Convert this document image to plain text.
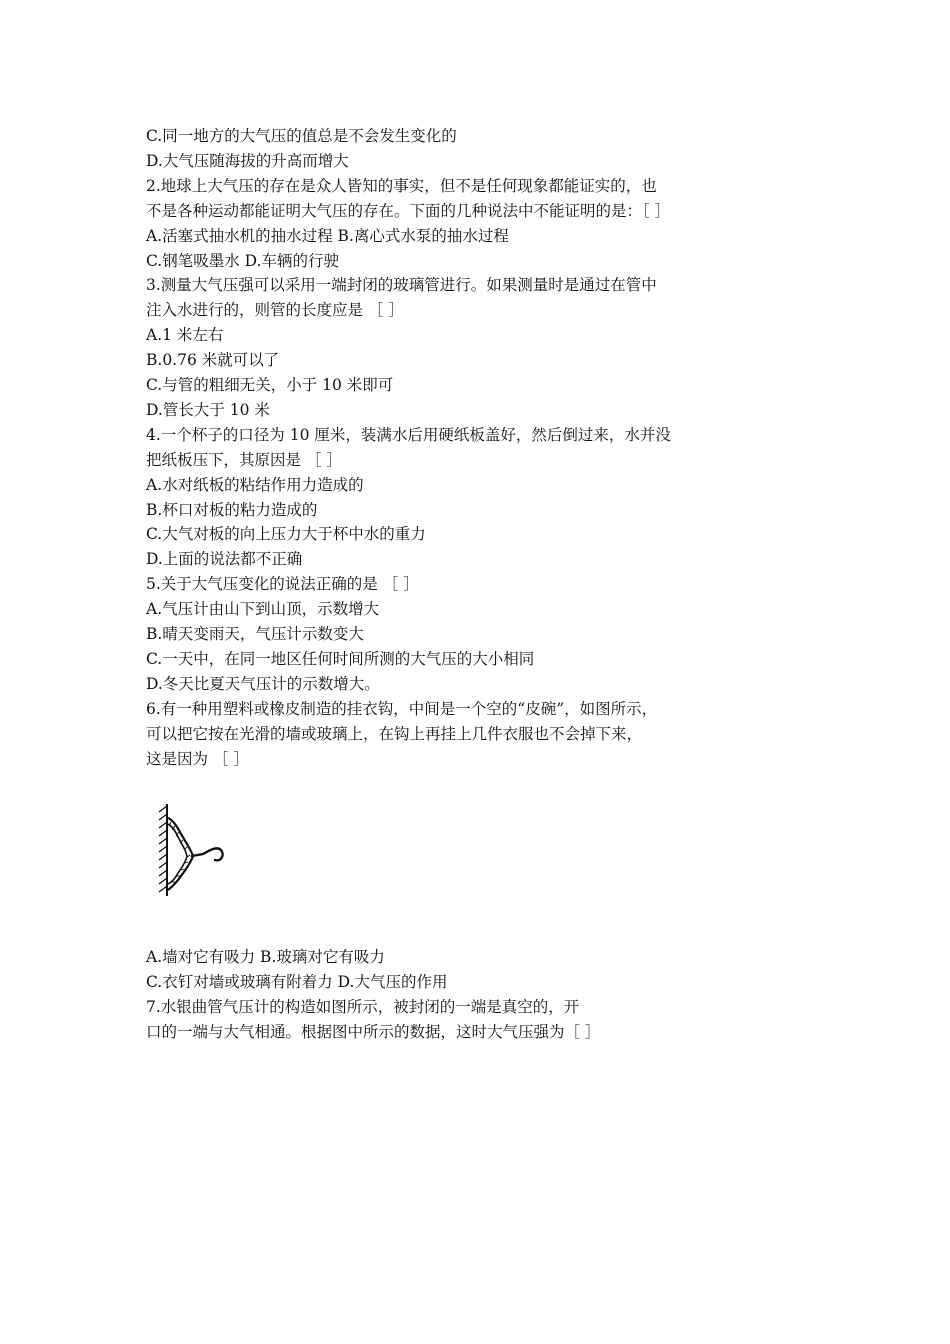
C.同一地方的大气压的值总是不会发生变化的
D.大气压随海拔的升高而增大
2.地球上大气压的存在是众人皆知的事实，但不是任何现象都能证实的，也
不是各种运动都能证明大气压的存在。下面的几种说法中不能证明的是：［ ］
A.活塞式抽水机的抽水过程 B.离心式水泵的抽水过程
C.钢笔吸墨水 D.车辆的行驶
3.测量大气压强可以采用一端封闭的玻璃管进行。如果测量时是通过在管中
注入水进行的，则管的长度应是 ［ ］
A.1 米左右
B.0.76 米就可以了
C.与管的粗细无关，小于 10 米即可
D.管长大于 10 米
4.一个杯子的口径为 10 厘米，装满水后用硬纸板盖好，然后倒过来，水并没
把纸板压下，其原因是 ［ ］
A.水对纸板的粘结作用力造成的
B.杯口对板的粘力造成的
C.大气对板的向上压力大于杯中水的重力
D.上面的说法都不正确
5.关于大气压变化的说法正确的是 ［ ］
A.气压计由山下到山顶，示数增大
B.晴天变雨天，气压计示数变大
C.一天中，在同一地区任何时间所测的大气压的大小相同
D.冬天比夏天气压计的示数增大。
6.有一种用塑料或橡皮制造的挂衣钩，中间是一个空的“皮碗”，如图所示，
可以把它按在光滑的墙或玻璃上，在钩上再挂上几件衣服也不会掉下来，
这是因为 ［ ］
A.墙对它有吸力 B.玻璃对它有吸力
C.衣钉对墙或玻璃有附着力 D.大气压的作用
7.水银曲管气压计的构造如图所示，被封闭的一端是真空的，开
口的一端与大气相通。根据图中所示的数据，这时大气压强为［ ］
